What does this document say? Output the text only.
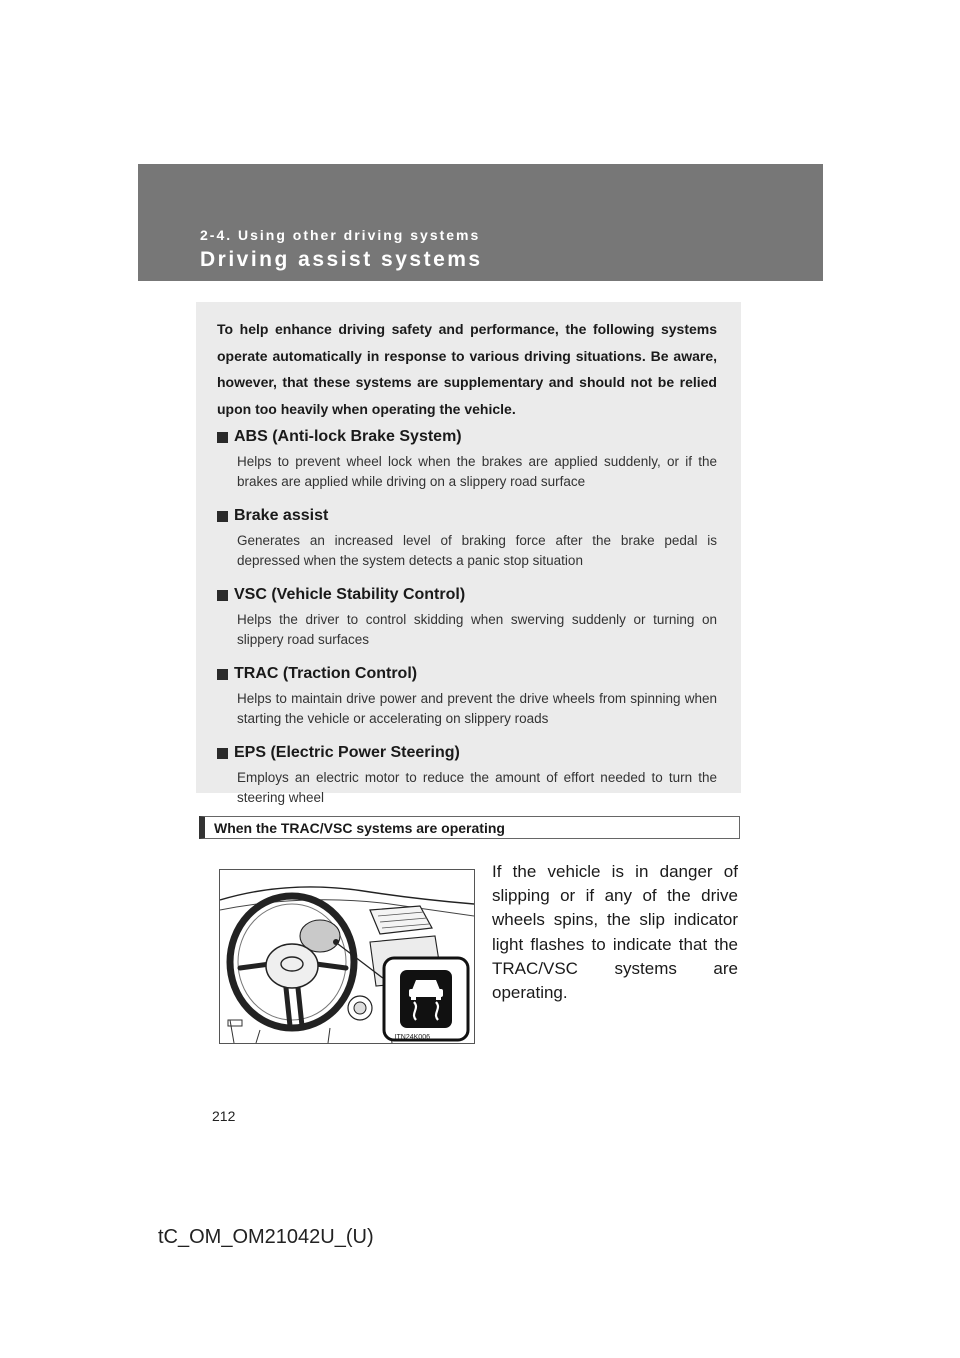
2-4. Using other driving systems
Driving assist systems

To help enhance driving safety and performance, the following systems operate automatically in response to various driving situations. Be aware, however, that these systems are supplementary and should not be relied upon too heavily when operating the vehicle.

ABS (Anti-lock Brake System)
Helps to prevent wheel lock when the brakes are applied suddenly, or if the brakes are applied while driving on a slippery road surface
Brake assist
Generates an increased level of braking force after the brake pedal is depressed when the system detects a panic stop situation
VSC (Vehicle Stability Control)
Helps the driver to control skidding when swerving suddenly or turning on slippery road surfaces
TRAC (Traction Control)
Helps to maintain drive power and prevent the drive wheels from spinning when starting the vehicle or accelerating on slippery roads
EPS (Electric Power Steering)
Employs an electric motor to reduce the amount of effort needed to turn the steering wheel
When the TRAC/VSC systems are operating
ITN24K006
If the vehicle is in danger of slipping or if any of the drive wheels spins, the slip indicator light flashes to indicate that the TRAC/VSC systems are operating.
212
tC_OM_OM21042U_(U)
